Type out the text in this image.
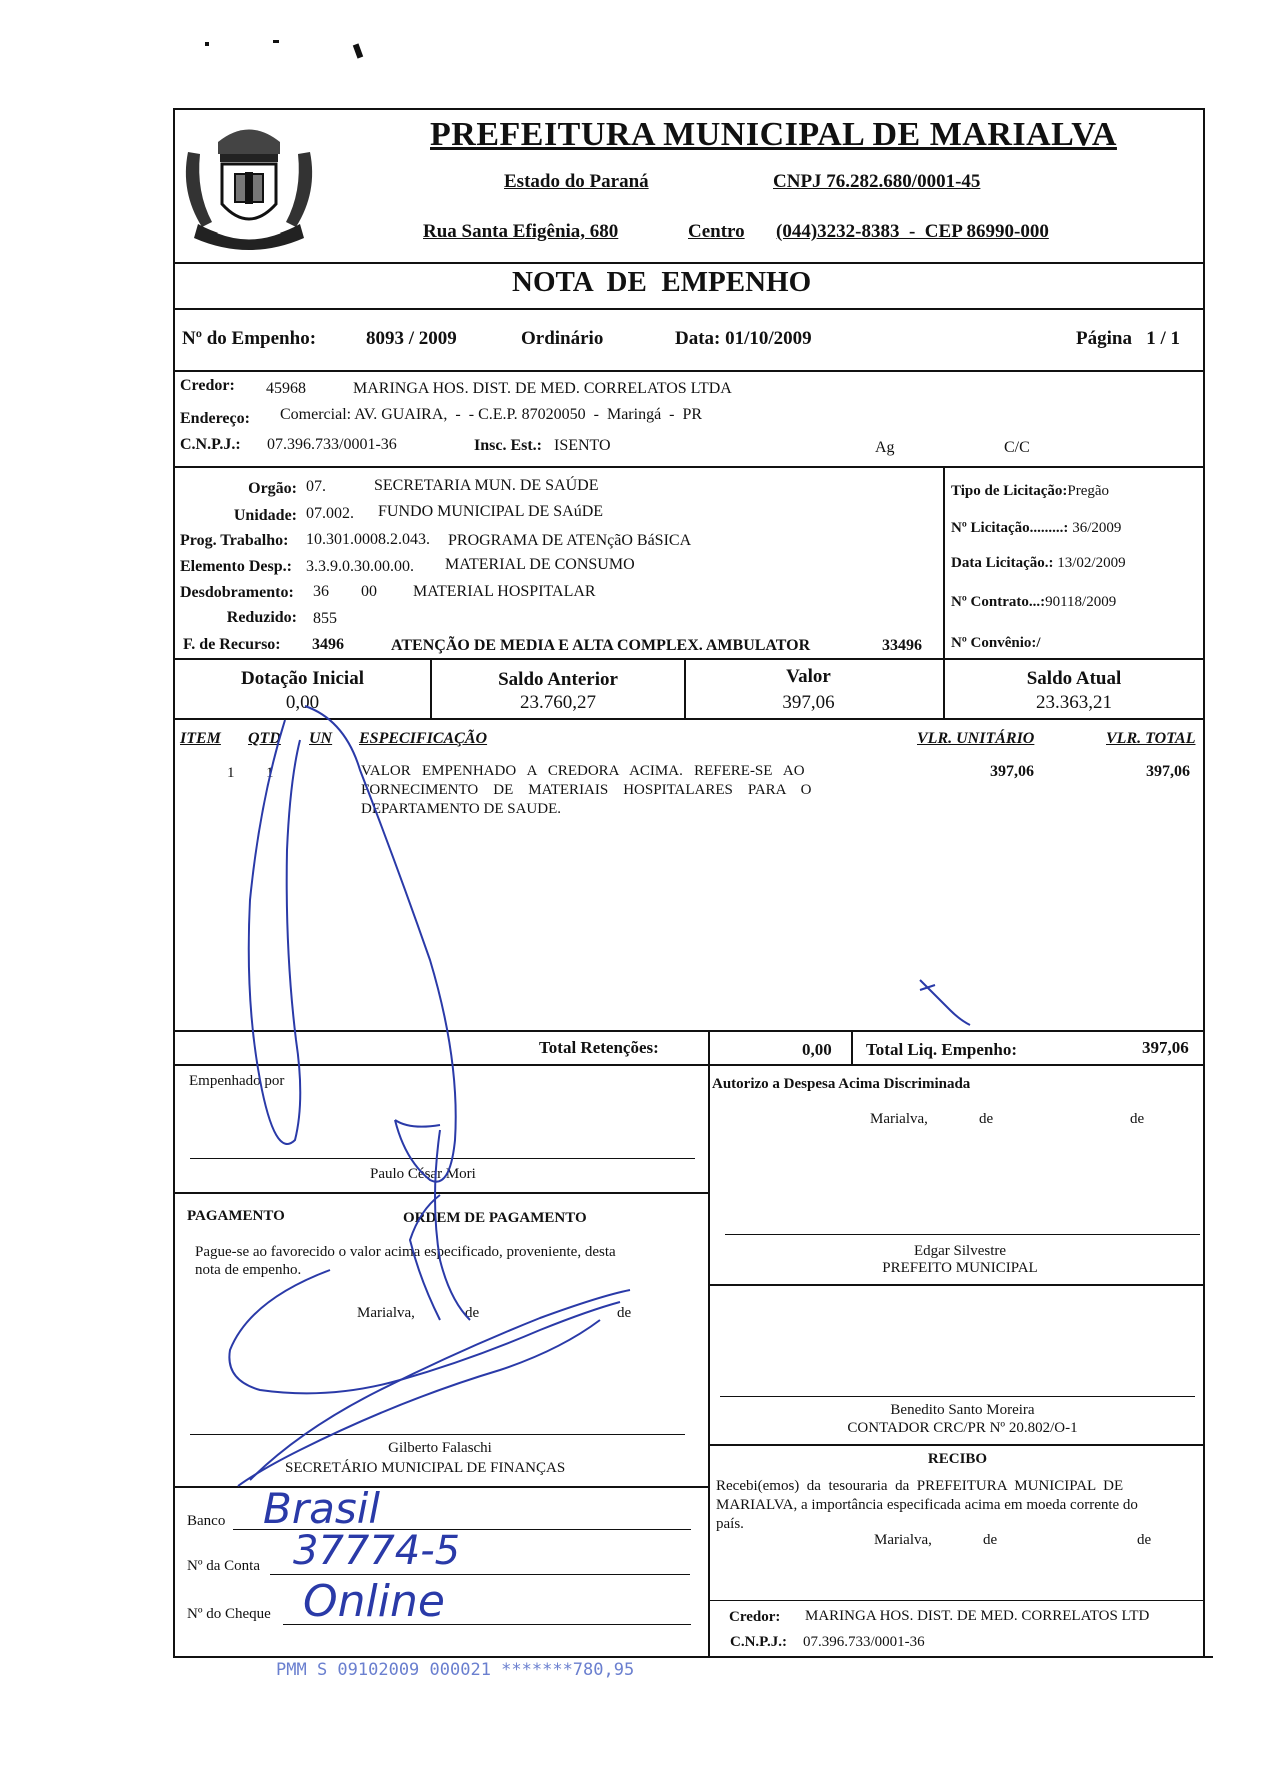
PREFEITURA MUNICIPAL DE MARIALVA
Estado do Paraná	CNPJ 76.282.680/0001-45
Rua Santa Efigênia, 680	Centro (044)3232-8383  -  CEP 86990-000
NOTA  DE  EMPENHO
Nº do Empenho:	8093 / 2009	Ordinário	Data: 01/10/2009	Página   1 / 1
Credor: 45968	MARINGA HOS. DIST. DE MED. CORRELATOS LTDA
Endereço: Comercial: AV. GUAIRA,  -  - C.E.P. 87020050  -  Maringá  -  PR
C.N.P.J.: 07.396.733/0001-36	Insc. Est.: ISENTO	Ag	C/C
Orgão: 07.	SECRETARIA MUN. DE SAÚDE
Unidade: 07.002. FUNDO MUNICIPAL DE SAúDE
Prog. Trabalho: 10.301.0008.2.043. PROGRAMA DE ATENçãO BáSICA
Elemento Desp.: 3.3.9.0.30.00.00. MATERIAL DE CONSUMO
Desdobramento: 36 00 MATERIAL HOSPITALAR
Reduzido: 855
F. de Recurso: 3496	ATENÇÃO DE MEDIA E ALTA COMPLEX. AMBULATOR	33496
Tipo de Licitação:Pregão
Nº Licitação.........: 36/2009
Data Licitação.: 13/02/2009
Nº Contrato...:90118/2009
Nº Convênio:/
Dotação Inicial
0,00
Saldo Anterior
23.760,27
Valor
397,06
Saldo Atual
23.363,21
ITEM QTD UN ESPECIFICAÇÃO	VLR. UNITÁRIO	VLR. TOTAL
1 1	VALOR   EMPENHADO   A   CREDORA   ACIMA.   REFERE-SE   AO
FORNECIMENTO    DE    MATERIAIS    HOSPITALARES    PARA    O
DEPARTAMENTO DE SAUDE.
397,06	397,06
Total Retenções:	0,00 Total Liq. Empenho:	397,06
Empenhado por
Paulo César Mori
Autorizo a Despesa Acima Discriminada
Marialva,	de	de
Edgar Silvestre
PREFEITO MUNICIPAL
PAGAMENTO	ORDEM DE PAGAMENTO
Pague-se ao favorecido o valor acima especificado, proveniente, desta
nota de empenho.
Marialva,	de	de
Gilberto Falaschi
SECRETÁRIO MUNICIPAL DE FINANÇAS
Benedito Santo Moreira
CONTADOR CRC/PR Nº 20.802/O-1
RECIBO
Recebi(emos)  da  tesouraria  da  PREFEITURA  MUNICIPAL  DE
MARIALVA, a importância especificada acima em moeda corrente do
país.
Marialva,	de	de
Credor: MARINGA HOS. DIST. DE MED. CORRELATOS LTD
C.N.P.J.: 07.396.733/0001-36
Banco Brasil
Nº da Conta 37774-5
Nº do Cheque Online
PMM S 09102009 000021 *******780,95
